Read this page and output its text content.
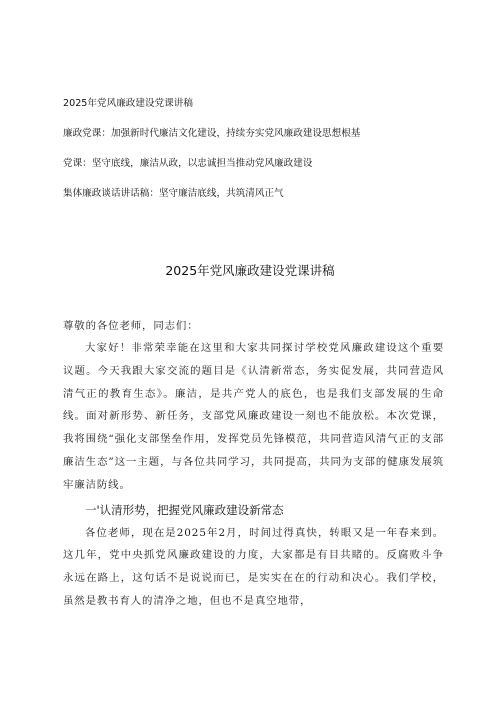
2025年党风廉政建设党课讲稿
廉政党课：加强新时代廉洁文化建设，持续夯实党风廉政建设思想根基
党课：坚守底线，廉洁从政，以忠诚担当推动党风廉政建设
集体廉政谈话讲话稿：坚守廉洁底线，共筑清风正气
2025年党风廉政建设党课讲稿
尊敬的各位老师，同志们：
大家好！非常荣幸能在这里和大家共同探讨学校党风廉政建设这个重要议题。今天我跟大家交流的题目是《认清新常态，务实促发展，共同营造风清气正的教育生态》。廉洁，是共产党人的底色，也是我们支部发展的生命线。面对新形势、新任务，支部党风廉政建设一刻也不能放松。本次党课，我将围绕“强化支部堡垒作用，发挥党员先锋模范，共同营造风清气正的支部廉洁生态”这一主题，与各位共同学习，共同提高，共同为支部的健康发展筑牢廉洁防线。
一'认清形势，把握党风廉政建设新常态
各位老师，现在是2025年2月，时间过得真快，转眼又是一年春来到。这几年，党中央抓党风廉政建设的力度，大家都是有目共睹的。反腐败斗争永远在路上，这句话不是说说而已，是实实在在的行动和决心。我们学校，虽然是教书育人的清净之地，但也不是真空地带，
